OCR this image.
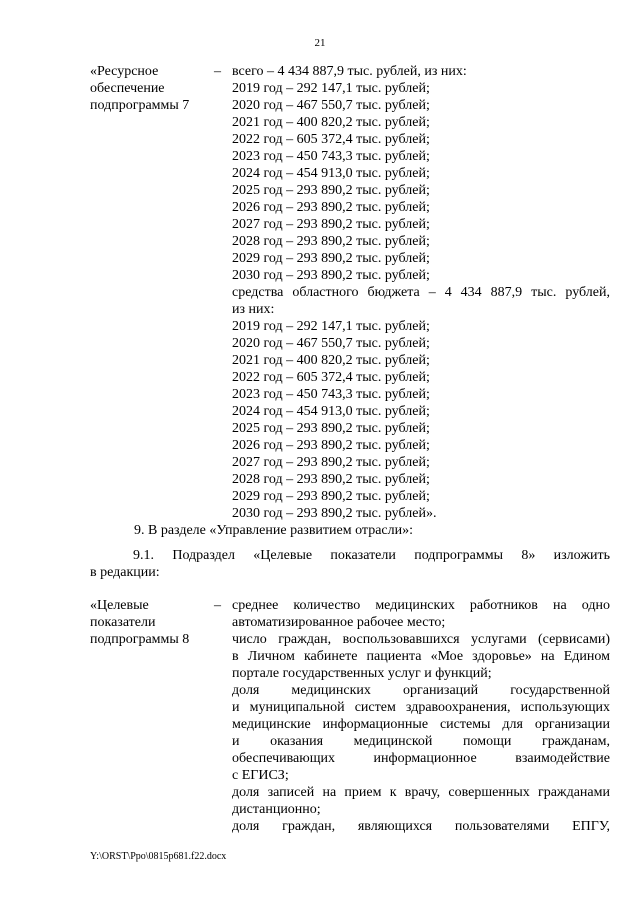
21
«Ресурсное
обеспечение
подпрограммы 7
– всего – 4 434 887,9 тыс. рублей, из них:
2019 год – 292 147,1 тыс. рублей;
2020 год – 467 550,7 тыс. рублей;
2021 год – 400 820,2 тыс. рублей;
2022 год – 605 372,4 тыс. рублей;
2023 год – 450 743,3 тыс. рублей;
2024 год – 454 913,0 тыс. рублей;
2025 год – 293 890,2 тыс. рублей;
2026 год – 293 890,2 тыс. рублей;
2027 год – 293 890,2 тыс. рублей;
2028 год – 293 890,2 тыс. рублей;
2029 год – 293 890,2 тыс. рублей;
2030 год – 293 890,2 тыс. рублей;
средства областного бюджета – 4 434 887,9 тыс. рублей,
из них:
2019 год – 292 147,1 тыс. рублей;
2020 год – 467 550,7 тыс. рублей;
2021 год – 400 820,2 тыс. рублей;
2022 год – 605 372,4 тыс. рублей;
2023 год – 450 743,3 тыс. рублей;
2024 год – 454 913,0 тыс. рублей;
2025 год – 293 890,2 тыс. рублей;
2026 год – 293 890,2 тыс. рублей;
2027 год – 293 890,2 тыс. рублей;
2028 год – 293 890,2 тыс. рублей;
2029 год – 293 890,2 тыс. рублей;
2030 год – 293 890,2 тыс. рублей».
9. В разделе «Управление развитием отрасли»:
9.1. Подраздел «Целевые показатели подпрограммы 8» изложить
в редакции:
«Целевые
показатели
подпрограммы 8
– среднее количество медицинских работников на одно
автоматизированное рабочее место;
число граждан, воспользовавшихся услугами (сервисами)
в Личном кабинете пациента «Мое здоровье» на Едином
портале государственных услуг и функций;
доля медицинских организаций государственной
и муниципальной систем здравоохранения, использующих
медицинские информационные системы для организации
и оказания медицинской помощи гражданам,
обеспечивающих информационное взаимодействие
с ЕГИСЗ;
доля записей на прием к врачу, совершенных гражданами
дистанционно;
доля граждан, являющихся пользователями ЕПГУ,
Y:\ORST\Ppo\0815p681.f22.docx
